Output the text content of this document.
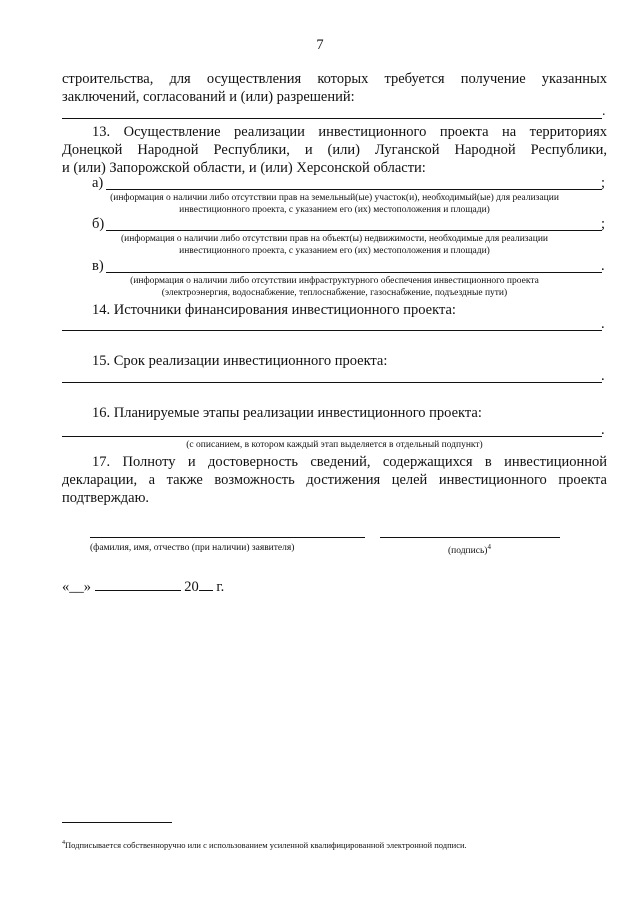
7
строительства, для осуществления которых требуется получение указанных
заключений, согласований и (или) разрешений:
.
13. Осуществление реализации инвестиционного проекта на территориях
Донецкой Народной Республики, и (или) Луганской Народной Республики,
и (или) Запорожской области, и (или) Херсонской области:
а)	;
(информация о наличии либо отсутствии прав на земельный(ые) участок(и), необходимый(ые) для реализации
инвестиционного проекта, с указанием его (их) местоположения и площади)
б)	;
(информация о наличии либо отсутствии прав на объект(ы) недвижимости, необходимые для реализации
инвестиционного проекта, с указанием его (их) местоположения и площади)
в)	.
(информация о наличии либо отсутствии инфраструктурного обеспечения инвестиционного проекта
(электроэнергия, водоснабжение, теплоснабжение, газоснабжение, подъездные пути)
14. Источники финансирования инвестиционного проекта:
.
15. Срок реализации инвестиционного проекта:
.
16. Планируемые этапы реализации инвестиционного проекта:
.
(с описанием, в котором каждый этап выделяется в отдельный подпункт)
17. Полноту и достоверность сведений, содержащихся в инвестиционной
декларации, а также возможность достижения целей инвестиционного проекта
подтверждаю.
(фамилия, имя, отчество (при наличии) заявителя)	(подпись)$^4$
«__»	20 г.
$^4$Подписывается собственноручно или с использованием усиленной квалифицированной электронной подписи.
